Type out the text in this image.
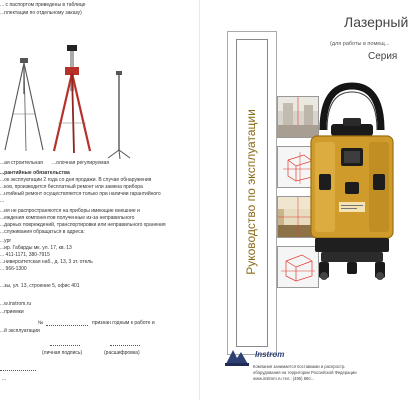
... с паспортом приведены в таблице
...плектации по отдельному заказу)
...ая строительная ...олочная регулируемая
...рантийные обязательства
...ок эксплуатации 2 года со дня продажи. В случае обнаружения
...ков, производится бесплатный ремонт или замена прибора
...нтийный ремонт осуществляется только при наличии гарантийного
...
...ия не распространяются на приборы имеющие внешние и
...еждения компонентов полученные из-за неправильного
...дарных повреждений, транспортировки или неправильного хранения
...служивания обращаться в адреса:
...ург
...ир. Габарды мк. ул. 17, кв. 13
... 411-1171, 380-7915
...ниверситетская наб., д. 13, 3 эт. отель
... 966-1300
...зы, ул. 13, строение 5, офис 401
...w.instrom.ru
...приемки
№	признан годным к работе и
...й эксплуатации
(личная подпись)	(расшифровка)
...
Лазерный
(для работы в помещ...
Серия
Руководство по эксплуатации
Instrom
Компания занимается поставками и распростр.
оборудования на территории Российской Федерации
www.instrom.ru тел.: (495) 660...
